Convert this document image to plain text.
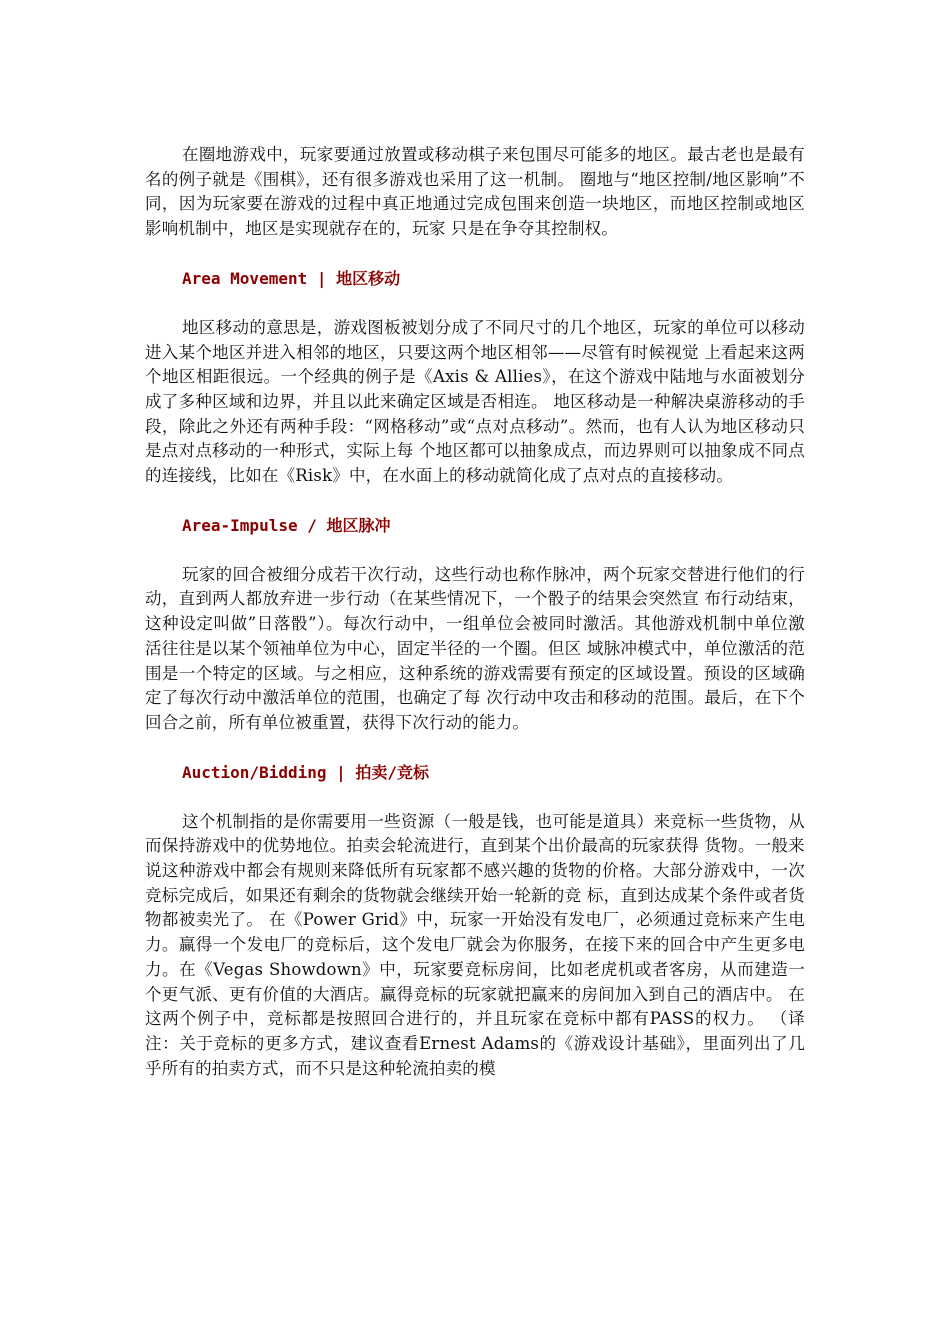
在圈地游戏中，玩家要通过放置或移动棋子来包围尽可能多的地区。最古老也是最有名的例子就是《围棋》，还有很多游戏也采用了这一机制。 圈地与“地区控制/地区影响”不同，因为玩家要在游戏的过程中真正地通过完成包围来创造一块地区，而地区控制或地区影响机制中，地区是实现就存在的，玩家 只是在争夺其控制权。

Area Movement | 地区移动

地区移动的意思是，游戏图板被划分成了不同尺寸的几个地区，玩家的单位可以移动进入某个地区并进入相邻的地区，只要这两个地区相邻——尽管有时候视觉 上看起来这两个地区相距很远。一个经典的例子是《Axis & Allies》，在这个游戏中陆地与水面被划分成了多种区域和边界，并且以此来确定区域是否相连。 地区移动是一种解决桌游移动的手段，除此之外还有两种手段：“网格移动”或“点对点移动”。然而，也有人认为地区移动只是点对点移动的一种形式，实际上每 个地区都可以抽象成点，而边界则可以抽象成不同点的连接线，比如在《Risk》中，在水面上的移动就简化成了点对点的直接移动。

Area-Impulse / 地区脉冲

玩家的回合被细分成若干次行动，这些行动也称作脉冲，两个玩家交替进行他们的行动，直到两人都放弃进一步行动（在某些情况下，一个骰子的结果会突然宣 布行动结束，这种设定叫做”日落骰”）。每次行动中，一组单位会被同时激活。其他游戏机制中单位激活往往是以某个领袖单位为中心，固定半径的一个圈。但区 域脉冲模式中，单位激活的范围是一个特定的区域。与之相应，这种系统的游戏需要有预定的区域设置。预设的区域确定了每次行动中激活单位的范围，也确定了每 次行动中攻击和移动的范围。最后，在下个回合之前，所有单位被重置，获得下次行动的能力。

Auction/Bidding | 拍卖/竞标

这个机制指的是你需要用一些资源（一般是钱，也可能是道具）来竞标一些货物，从而保持游戏中的优势地位。拍卖会轮流进行，直到某个出价最高的玩家获得 货物。一般来说这种游戏中都会有规则来降低所有玩家都不感兴趣的货物的价格。大部分游戏中，一次竞标完成后，如果还有剩余的货物就会继续开始一轮新的竞 标，直到达成某个条件或者货物都被卖光了。 在《Power Grid》中，玩家一开始没有发电厂，必须通过竞标来产生电力。赢得一个发电厂的竞标后，这个发电厂就会为你服务，在接下来的回合中产生更多电力。在《Vegas Showdown》中，玩家要竞标房间，比如老虎机或者客房，从而建造一个更气派、更有价值的大酒店。赢得竞标的玩家就把赢来的房间加入到自己的酒店中。 在这两个例子中，竞标都是按照回合进行的，并且玩家在竞标中都有PASS的权力。 （译注：关于竞标的更多方式，建议查看Ernest Adams的《游戏设计基础》，里面列出了几乎所有的拍卖方式，而不只是这种轮流拍卖的模
